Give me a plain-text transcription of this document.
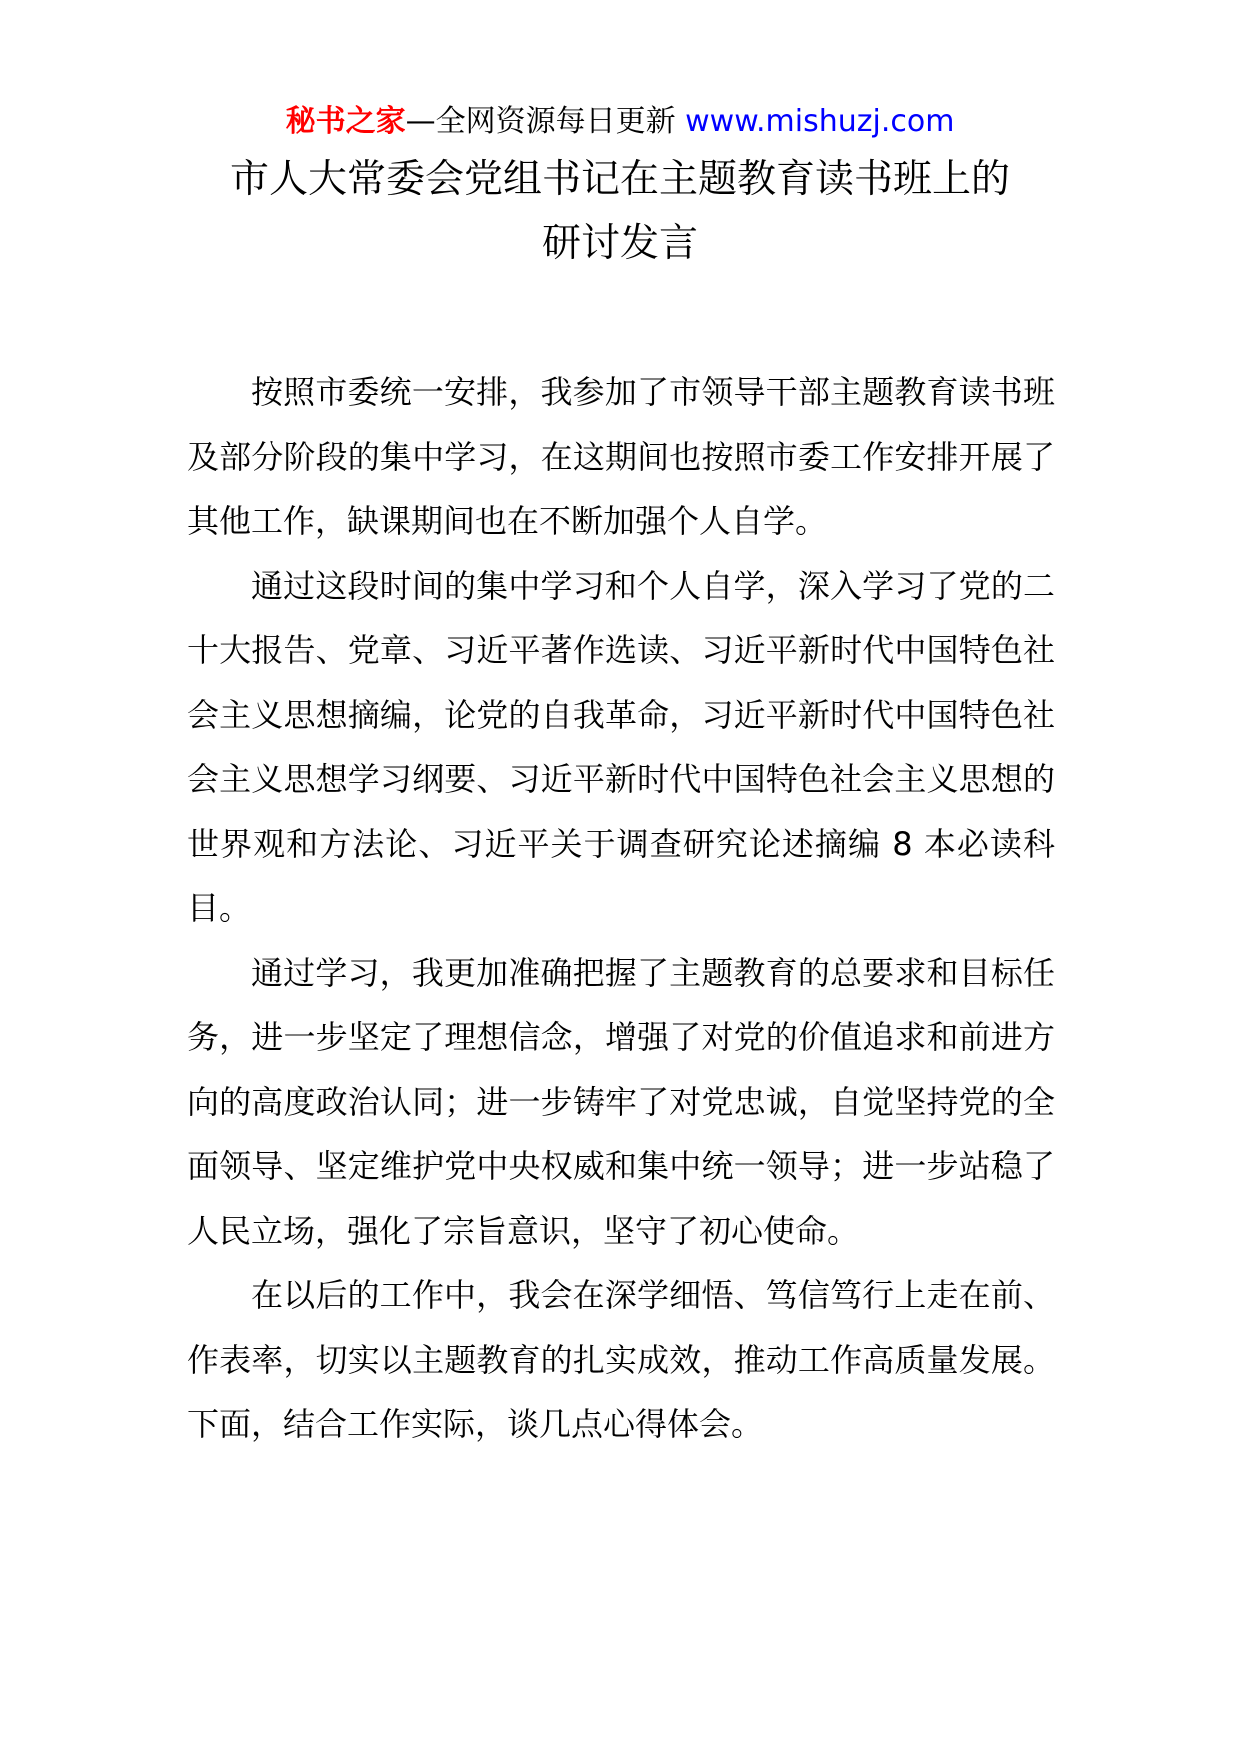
秘书之家—全网资源每日更新 www.mishuzj.com
市人大常委会党组书记在主题教育读书班上的
研讨发言

按照市委统一安排，我参加了市领导干部主题教育读书班及部分阶段的集中学习，在这期间也按照市委工作安排开展了其他工作，缺课期间也在不断加强个人自学。

通过这段时间的集中学习和个人自学，深入学习了党的二十大报告、党章、习近平著作选读、习近平新时代中国特色社会主义思想摘编，论党的自我革命，习近平新时代中国特色社会主义思想学习纲要、习近平新时代中国特色社会主义思想的世界观和方法论、习近平关于调查研究论述摘编 8 本必读科目。

通过学习，我更加准确把握了主题教育的总要求和目标任务，进一步坚定了理想信念，增强了对党的价值追求和前进方向的高度政治认同；进一步铸牢了对党忠诚，自觉坚持党的全面领导、坚定维护党中央权威和集中统一领导；进一步站稳了人民立场，强化了宗旨意识，坚守了初心使命。

在以后的工作中，我会在深学细悟、笃信笃行上走在前、作表率，切实以主题教育的扎实成效，推动工作高质量发展。下面，结合工作实际，谈几点心得体会。
